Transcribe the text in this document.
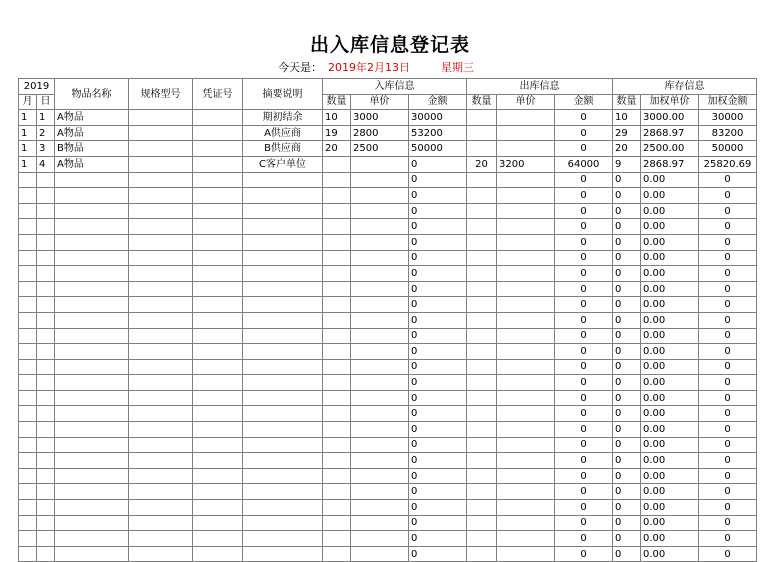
出入库信息登记表
今天是： 2019年2月13日	星期三
2019		物品名称	规格型号	凭证号	摘要说明	入库信息			出库信息			库存信息		
月	日					数量	单价	金额	数量	单价	金额	数量	加权单价	加权金额
1	1	A物品			期初结余	10	3000	30000			0	10	3000.00	30000
1	2	A物品			A供应商	19	2800	53200			0	29	2868.97	83200
1	3	B物品			B供应商	20	2500	50000			0	20	2500.00	50000
1	4	A物品			C客户单位			0	20	3200	64000	9	2868.97	25820.69
								0			0	0	0.00	0
								0			0	0	0.00	0
								0			0	0	0.00	0
								0			0	0	0.00	0
								0			0	0	0.00	0
								0			0	0	0.00	0
								0			0	0	0.00	0
								0			0	0	0.00	0
								0			0	0	0.00	0
								0			0	0	0.00	0
								0			0	0	0.00	0
								0			0	0	0.00	0
								0			0	0	0.00	0
								0			0	0	0.00	0
								0			0	0	0.00	0
								0			0	0	0.00	0
								0			0	0	0.00	0
								0			0	0	0.00	0
								0			0	0	0.00	0
								0			0	0	0.00	0
								0			0	0	0.00	0
								0			0	0	0.00	0
								0			0	0	0.00	0
								0			0	0	0.00	0
								0			0	0	0.00	0
